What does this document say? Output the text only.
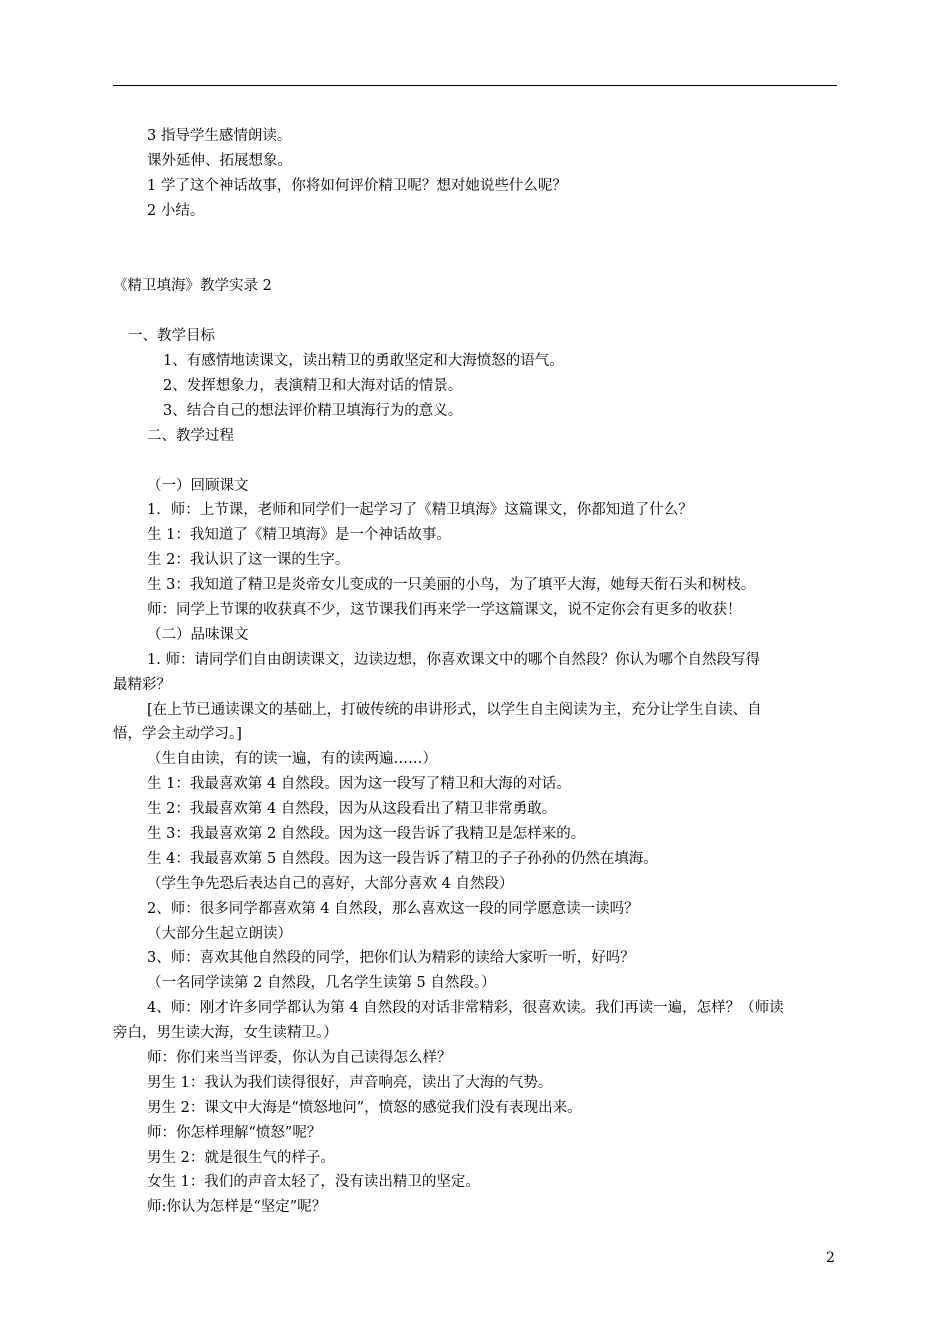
3 指导学生感情朗读。
课外延伸、拓展想象。
1 学了这个神话故事，你将如何评价精卫呢？想对她说些什么呢？
2 小结。
《精卫填海》教学实录 2
一、教学目标
1、有感情地读课文，读出精卫的勇敢坚定和大海愤怒的语气。
2、发挥想象力，表演精卫和大海对话的情景。
3、结合自己的想法评价精卫填海行为的意义。
二、教学过程
（一）回顾课文
1．师：上节课，老师和同学们一起学习了《精卫填海》这篇课文，你都知道了什么？
生 1：我知道了《精卫填海》是一个神话故事。
生 2：我认识了这一课的生字。
生 3：我知道了精卫是炎帝女儿变成的一只美丽的小鸟，为了填平大海，她每天衔石头和树枝。
师：同学上节课的收获真不少，这节课我们再来学一学这篇课文，说不定你会有更多的收获！
（二）品味课文
1. 师：请同学们自由朗读课文，边读边想，你喜欢课文中的哪个自然段？你认为哪个自然段写得
最精彩？
[在上节已通读课文的基础上，打破传统的串讲形式，以学生自主阅读为主，充分让学生自读、自
悟，学会主动学习。]
（生自由读，有的读一遍，有的读两遍……）
生 1：我最喜欢第 4 自然段。因为这一段写了精卫和大海的对话。
生 2：我最喜欢第 4 自然段，因为从这段看出了精卫非常勇敢。
生 3：我最喜欢第 2 自然段。因为这一段告诉了我精卫是怎样来的。
生 4：我最喜欢第 5 自然段。因为这一段告诉了精卫的子子孙孙的仍然在填海。
（学生争先恐后表达自己的喜好，大部分喜欢 4 自然段）
2、师：很多同学都喜欢第 4 自然段，那么喜欢这一段的同学愿意读一读吗？
（大部分生起立朗读）
3、师：喜欢其他自然段的同学，把你们认为精彩的读给大家听一听，好吗？
（一名同学读第 2 自然段，几名学生读第 5 自然段。）
4、师：刚才许多同学都认为第 4 自然段的对话非常精彩，很喜欢读。我们再读一遍，怎样？（师读
旁白，男生读大海，女生读精卫。）
师：你们来当当评委，你认为自己读得怎么样？
男生 1：我认为我们读得很好，声音响亮，读出了大海的气势。
男生 2：课文中大海是“愤怒地问”，愤怒的感觉我们没有表现出来。
师：你怎样理解“愤怒”呢？
男生 2：就是很生气的样子。
女生 1：我们的声音太轻了，没有读出精卫的坚定。
师:你认为怎样是“坚定”呢？
2
